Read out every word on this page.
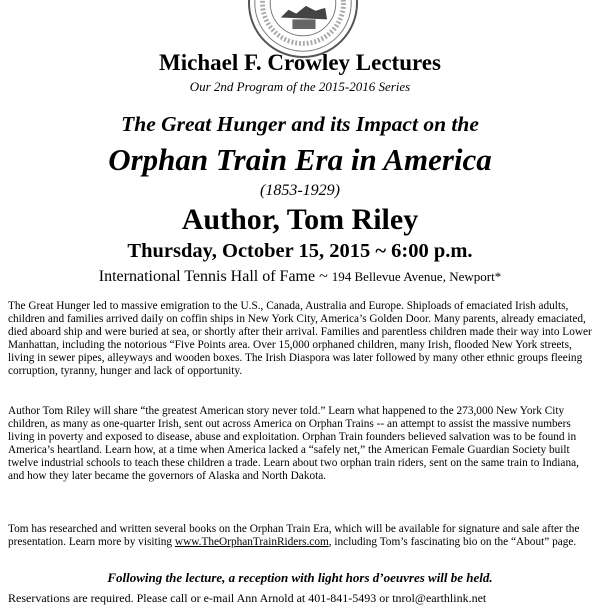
Michael F. Crowley Lectures
Our 2nd Program of the 2015-2016 Series
The Great Hunger and its Impact on the
Orphan Train Era in America
(1853-1929)
Author, Tom Riley
Thursday, October 15, 2015 ~ 6:00 p.m.
International Tennis Hall of Fame ~ 194 Bellevue Avenue, Newport*

The Great Hunger led to massive emigration to the U.S., Canada, Australia and Europe. Shiploads of emaciated Irish adults, children and families arrived daily on coffin ships in New York City, America’s Golden Door. Many parents, already emaciated, died aboard ship and were buried at sea, or shortly after their arrival. Families and parentless children made their way into Lower Manhattan, including the notorious “Five Points area. Over 15,000 orphaned children, many Irish, flooded New York streets, living in sewer pipes, alleyways and wooden boxes. The Irish Diaspora was later followed by many other ethnic groups fleeing corruption, tyranny, hunger and lack of opportunity.

Author Tom Riley will share “the greatest American story never told.” Learn what happened to the 273,000 New York City children, as many as one-quarter Irish, sent out across America on Orphan Trains -- an attempt to assist the massive numbers living in poverty and exposed to disease, abuse and exploitation. Orphan Train founders believed salvation was to be found in America’s heartland. Learn how, at a time when America lacked a “safely net,” the American Female Guardian Society built twelve industrial schools to teach these children a trade. Learn about two orphan train riders, sent on the same train to Indiana, and how they later became the governors of Alaska and North Dakota.

Tom has researched and written several books on the Orphan Train Era, which will be available for signature and sale after the presentation. Learn more by visiting www.TheOrphanTrainRiders.com, including Tom’s fascinating bio on the “About” page.

Following the lecture, a reception with light hors d’oeuvres will be held.
Reservations are required. Please call or e-mail Ann Arnold at 401-841-5493 or tnrol@earthlink.net
